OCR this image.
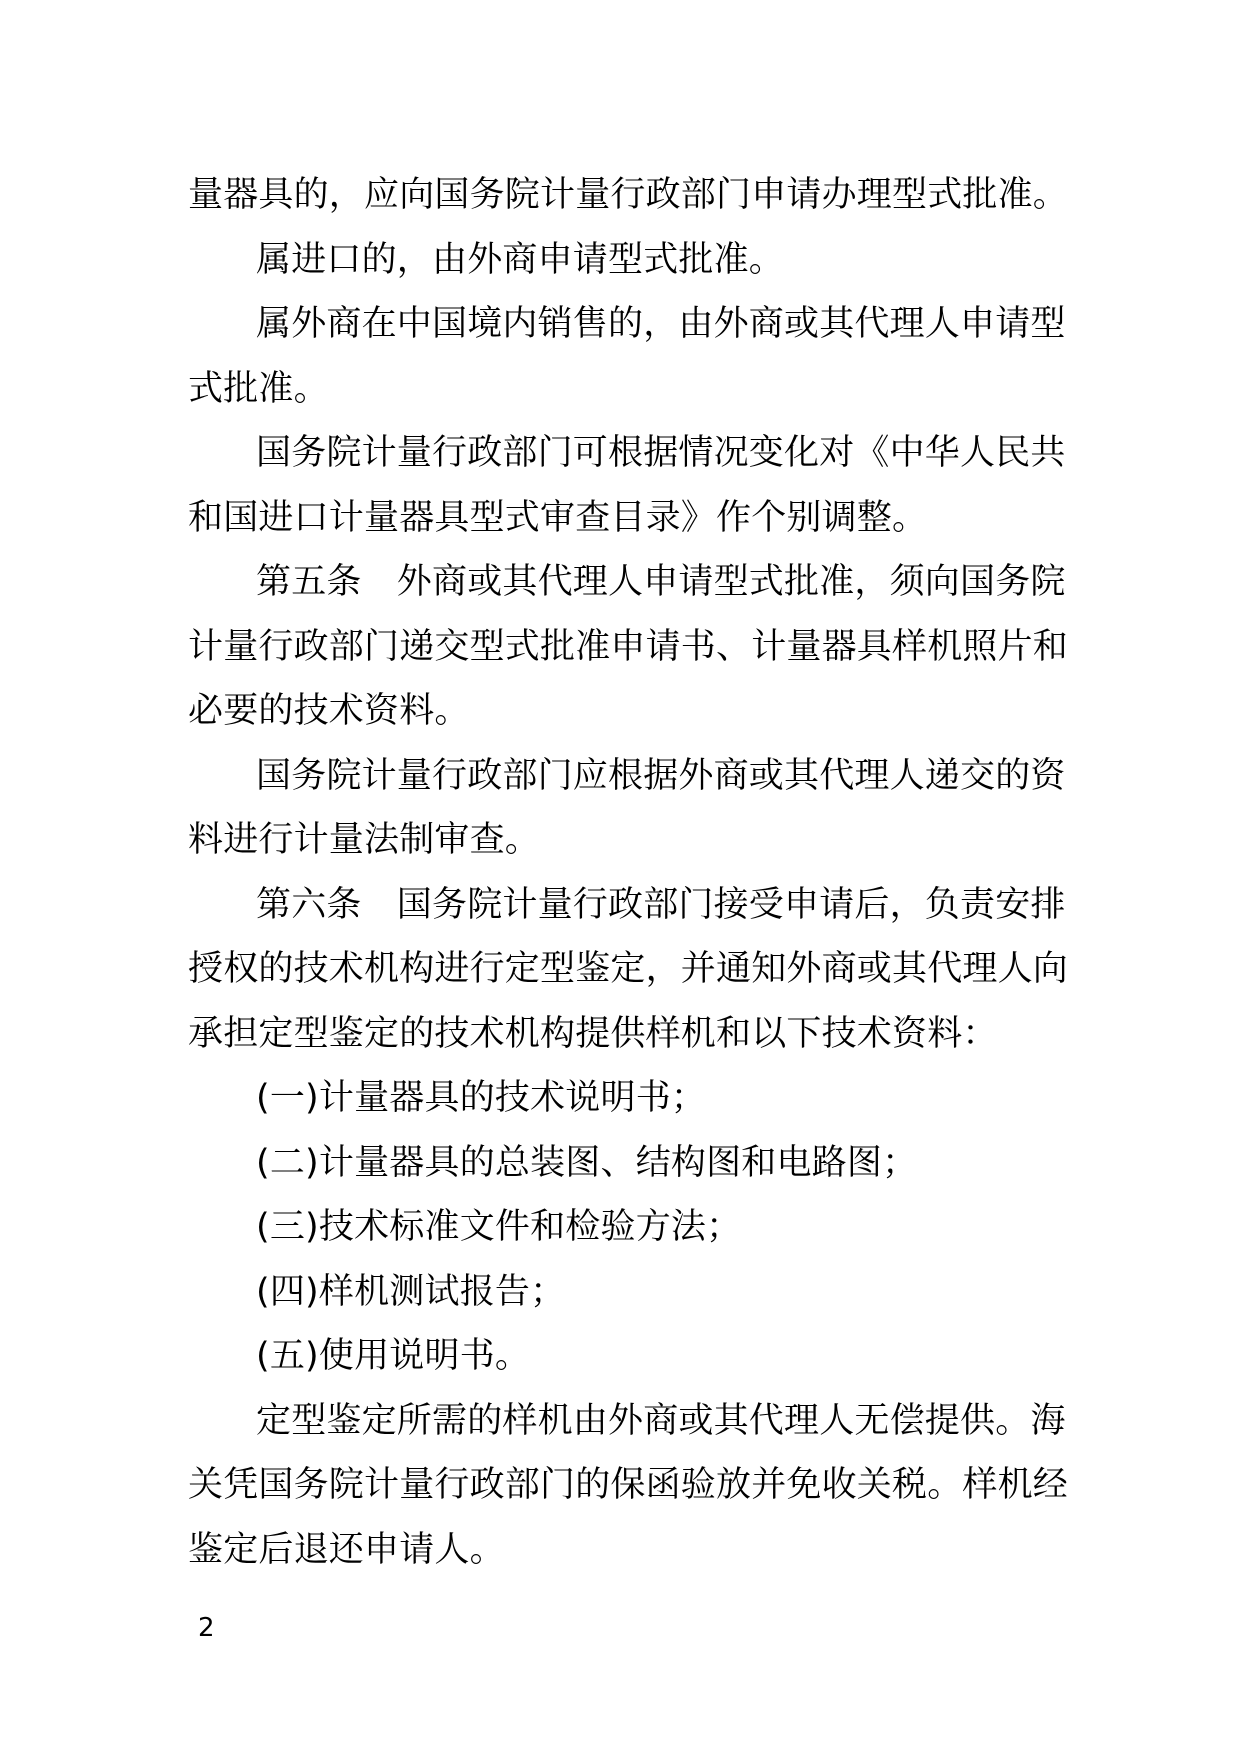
量器具的，应向国务院计量行政部门申请办理型式批准。
属进口的，由外商申请型式批准。
属外商在中国境内销售的，由外商或其代理人申请型
式批准。
国务院计量行政部门可根据情况变化对《中华人民共
和国进口计量器具型式审查目录》作个别调整。
第五条　外商或其代理人申请型式批准，须向国务院
计量行政部门递交型式批准申请书、计量器具样机照片和
必要的技术资料。
国务院计量行政部门应根据外商或其代理人递交的资
料进行计量法制审查。
第六条　国务院计量行政部门接受申请后，负责安排
授权的技术机构进行定型鉴定，并通知外商或其代理人向
承担定型鉴定的技术机构提供样机和以下技术资料：
(一)计量器具的技术说明书；
(二)计量器具的总装图、结构图和电路图；
(三)技术标准文件和检验方法；
(四)样机测试报告；
(五)使用说明书。
定型鉴定所需的样机由外商或其代理人无偿提供。海
关凭国务院计量行政部门的保函验放并免收关税。样机经
鉴定后退还申请人。
2
